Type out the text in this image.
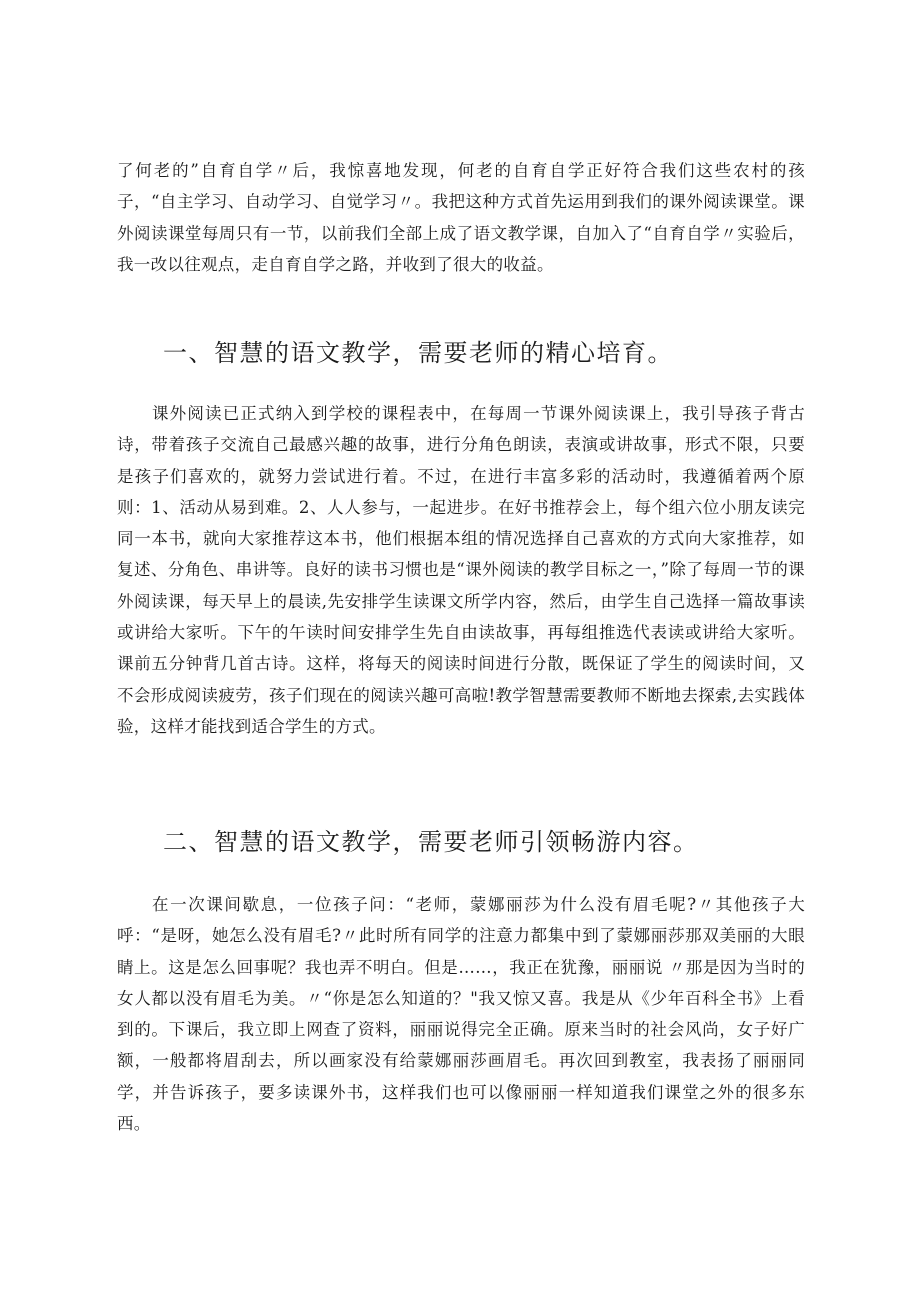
了何老的”自育自学〃后，我惊喜地发现，何老的自育自学正好符合我们这些农村的孩子，“自主学习、自动学习、自觉学习〃。我把这种方式首先运用到我们的课外阅读课堂。课外阅读课堂每周只有一节，以前我们全部上成了语文教学课，自加入了“自育自学〃实验后，我一改以往观点，走自育自学之路，并收到了很大的收益。

一、智慧的语文教学，需要老师的精心培育。

课外阅读已正式纳入到学校的课程表中，在每周一节课外阅读课上，我引导孩子背古诗，带着孩子交流自己最感兴趣的故事，进行分角色朗读，表演或讲故事，形式不限，只要是孩子们喜欢的，就努力尝试进行着。不过，在进行丰富多彩的活动时，我遵循着两个原则：1、活动从易到难。2、人人参与，一起进步。在好书推荐会上，每个组六位小朋友读完同一本书，就向大家推荐这本书，他们根据本组的情况选择自己喜欢的方式向大家推荐，如复述、分角色、串讲等。良好的读书习惯也是“课外阅读的教学目标之一，”除了每周一节的课外阅读课，每天早上的晨读,先安排学生读课文所学内容，然后，由学生自己选择一篇故事读或讲给大家听。下午的午读时间安排学生先自由读故事，再每组推选代表读或讲给大家听。课前五分钟背几首古诗。这样，将每天的阅读时间进行分散，既保证了学生的阅读时间，又不会形成阅读疲劳，孩子们现在的阅读兴趣可高啦!教学智慧需要教师不断地去探索,去实践体验，这样才能找到适合学生的方式。

二、智慧的语文教学，需要老师引领畅游内容。

在一次课间歇息，一位孩子问：“老师，蒙娜丽莎为什么没有眉毛呢?〃其他孩子大呼：“是呀，她怎么没有眉毛?〃此时所有同学的注意力都集中到了蒙娜丽莎那双美丽的大眼睛上。这是怎么回事呢？我也弄不明白。但是……，我正在犹豫，丽丽说 〃那是因为当时的女人都以没有眉毛为美。〃“你是怎么知道的？"我又惊又喜。我是从《少年百科全书》上看到的。下课后，我立即上网查了资料，丽丽说得完全正确。原来当时的社会风尚，女子好广额，一般都将眉刮去，所以画家没有给蒙娜丽莎画眉毛。再次回到教室，我表扬了丽丽同学，并告诉孩子，要多读课外书，这样我们也可以像丽丽一样知道我们课堂之外的很多东西。
